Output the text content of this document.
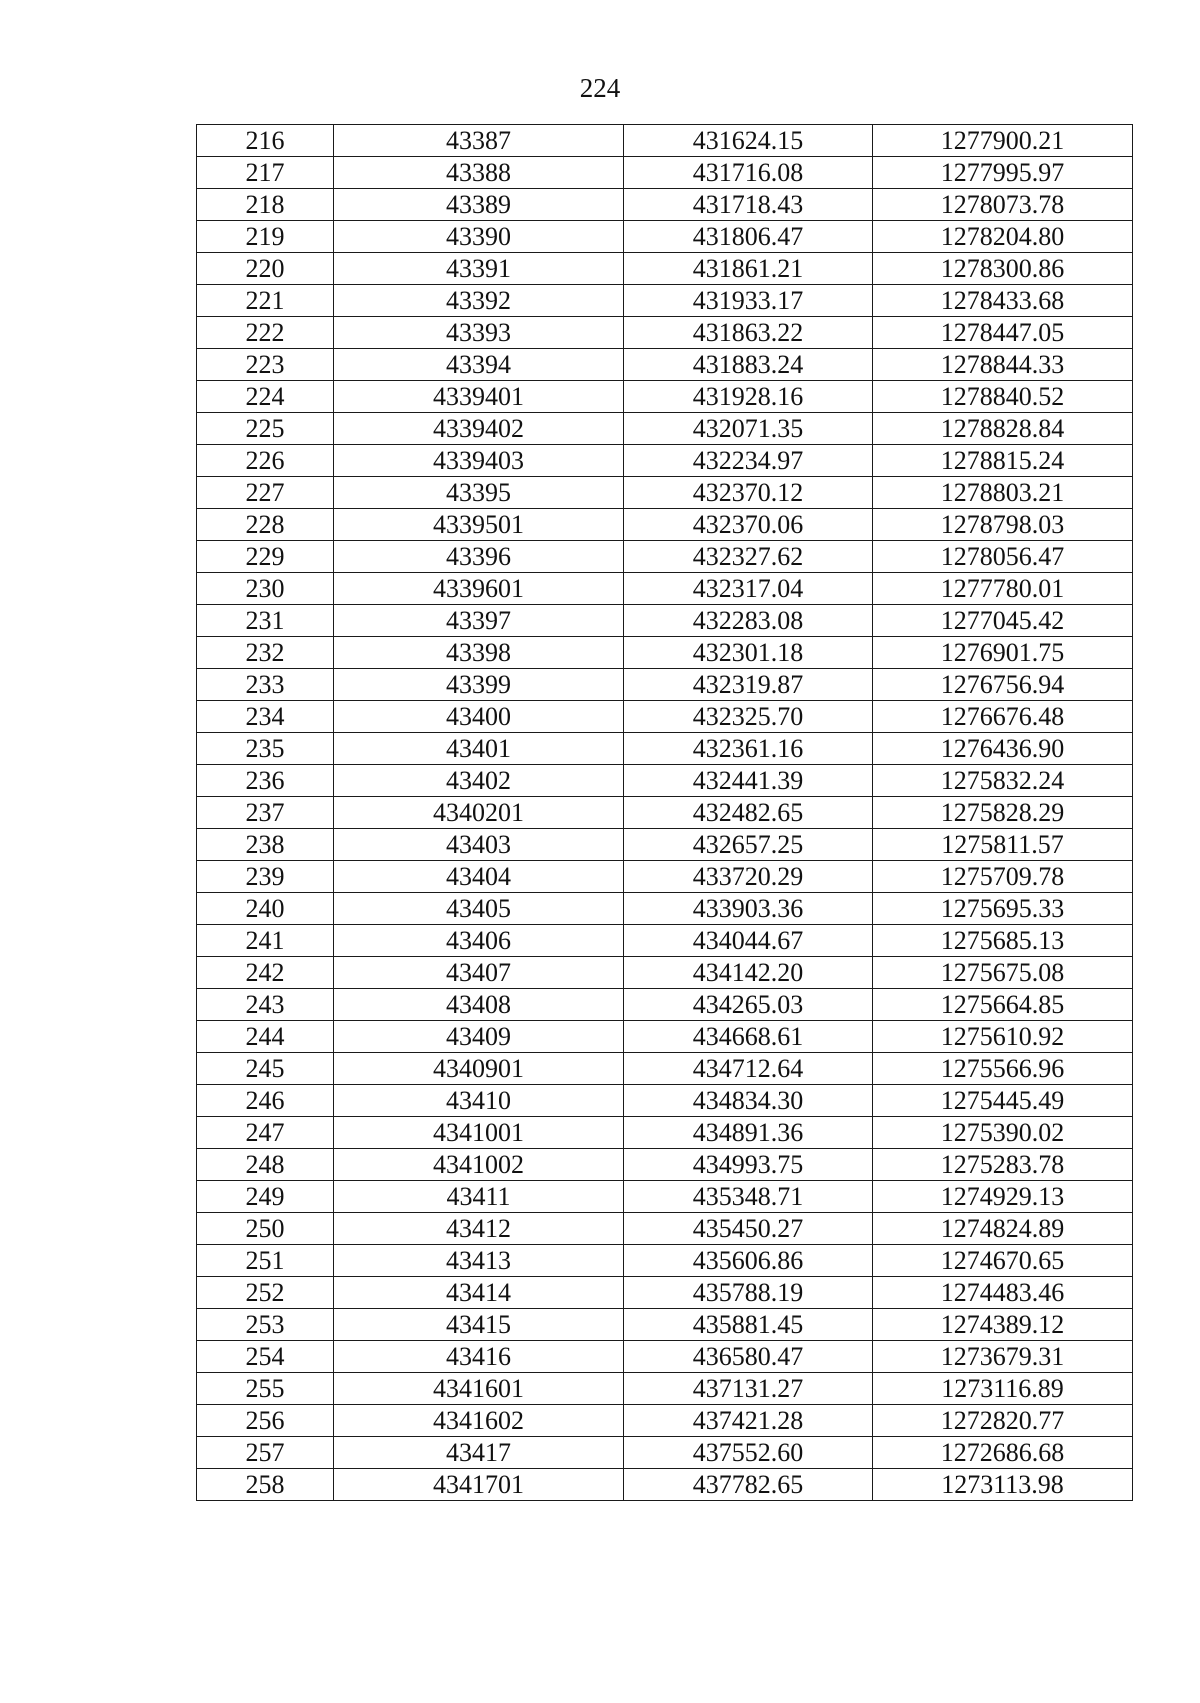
224
216	43387	431624.15	1277900.21
217	43388	431716.08	1277995.97
218	43389	431718.43	1278073.78
219	43390	431806.47	1278204.80
220	43391	431861.21	1278300.86
221	43392	431933.17	1278433.68
222	43393	431863.22	1278447.05
223	43394	431883.24	1278844.33
224	4339401	431928.16	1278840.52
225	4339402	432071.35	1278828.84
226	4339403	432234.97	1278815.24
227	43395	432370.12	1278803.21
228	4339501	432370.06	1278798.03
229	43396	432327.62	1278056.47
230	4339601	432317.04	1277780.01
231	43397	432283.08	1277045.42
232	43398	432301.18	1276901.75
233	43399	432319.87	1276756.94
234	43400	432325.70	1276676.48
235	43401	432361.16	1276436.90
236	43402	432441.39	1275832.24
237	4340201	432482.65	1275828.29
238	43403	432657.25	1275811.57
239	43404	433720.29	1275709.78
240	43405	433903.36	1275695.33
241	43406	434044.67	1275685.13
242	43407	434142.20	1275675.08
243	43408	434265.03	1275664.85
244	43409	434668.61	1275610.92
245	4340901	434712.64	1275566.96
246	43410	434834.30	1275445.49
247	4341001	434891.36	1275390.02
248	4341002	434993.75	1275283.78
249	43411	435348.71	1274929.13
250	43412	435450.27	1274824.89
251	43413	435606.86	1274670.65
252	43414	435788.19	1274483.46
253	43415	435881.45	1274389.12
254	43416	436580.47	1273679.31
255	4341601	437131.27	1273116.89
256	4341602	437421.28	1272820.77
257	43417	437552.60	1272686.68
258	4341701	437782.65	1273113.98
